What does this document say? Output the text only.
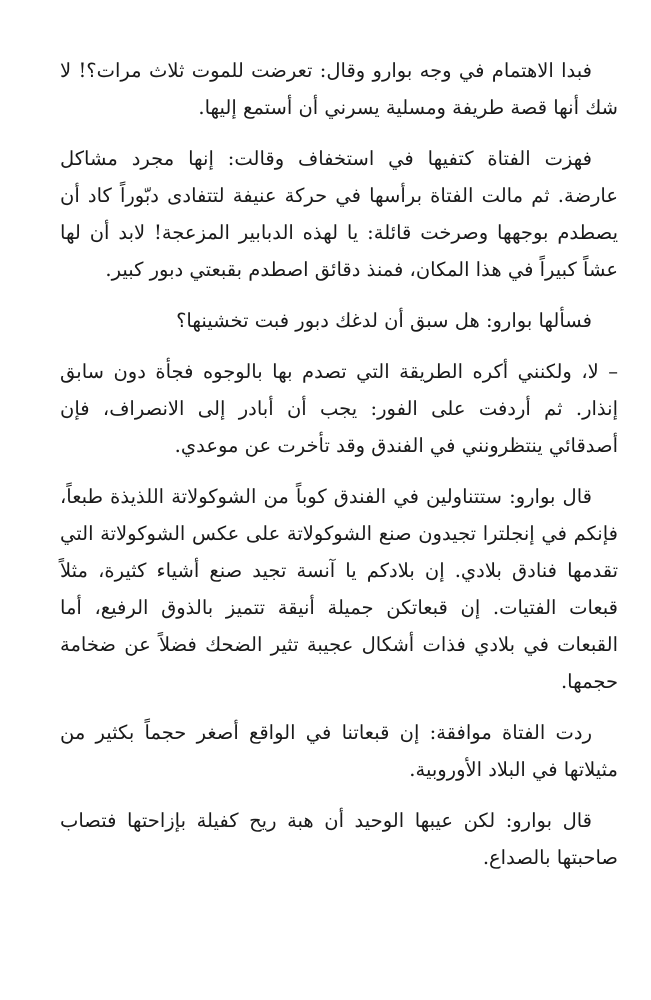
فبدا الاهتمام في وجه بوارو وقال: تعرضت للموت ثلاث مرات؟! لا شك أنها قصة طريفة ومسلية يسرني أن أستمع إليها.

فهزت الفتاة كتفيها في استخفاف وقالت: إنها مجرد مشاكل عارضة. ثم مالت الفتاة برأسها في حركة عنيفة لتتفادى دبّوراً كاد أن يصطدم بوجهها وصرخت قائلة: يا لهذه الدبابير المزعجة! لابد أن لها عشاً كبيراً في هذا المكان، فمنذ دقائق اصطدم بقبعتي دبور كبير.

فسألها بوارو: هل سبق أن لدغك دبور فبت تخشينها؟

– لا، ولكنني أكره الطريقة التي تصدم بها بالوجوه فجأة دون سابق إنذار. ثم أردفت على الفور: يجب أن أبادر إلى الانصراف، فإن أصدقائي ينتظرونني في الفندق وقد تأخرت عن موعدي.

قال بوارو: ستتناولين في الفندق كوباً من الشوكولاتة اللذيذة طبعاً، فإنكم في إنجلترا تجيدون صنع الشوكولاتة على عكس الشوكولاتة التي تقدمها فنادق بلادي. إن بلادكم يا آنسة تجيد صنع أشياء كثيرة، مثلاً قبعات الفتيات. إن قبعاتكن جميلة أنيقة تتميز بالذوق الرفيع، أما القبعات في بلادي فذات أشكال عجيبة تثير الضحك فضلاً عن ضخامة حجمها.

ردت الفتاة موافقة: إن قبعاتنا في الواقع أصغر حجماً بكثير من مثيلاتها في البلاد الأوروبية.

قال بوارو: لكن عيبها الوحيد أن هبة ريح كفيلة بإزاحتها فتصاب صاحبتها بالصداع.
